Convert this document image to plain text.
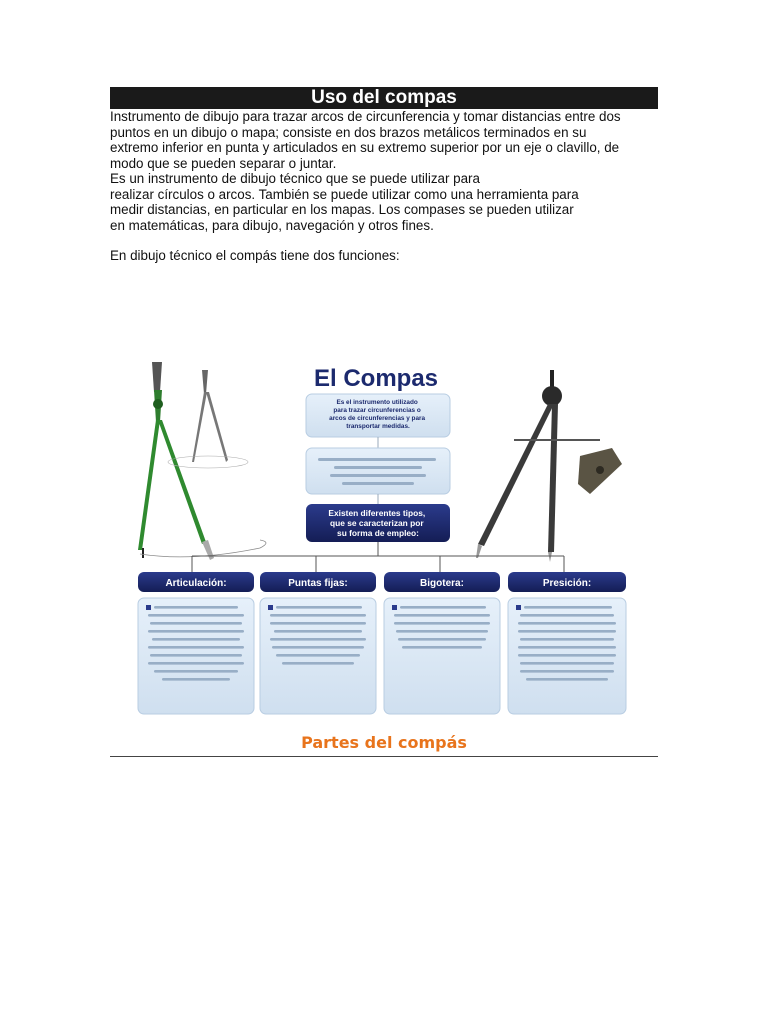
Uso del compas

Instrumento de dibujo para trazar arcos de circunferencia y tomar distancias entre dos
puntos en un dibujo o mapa; consiste en dos brazos metálicos terminados en su
extremo inferior en punta y articulados en su extremo superior por un eje o clavillo, de
modo que se pueden separar o juntar.

Es un instrumento de dibujo técnico que se puede utilizar para
realizar círculos o arcos. También se puede utilizar como una herramienta para
medir distancias, en particular en los mapas. Los compases se pueden utilizar
en matemáticas, para dibujo, navegación y otros fines.

En dibujo técnico el compás tiene dos funciones:

El Compas
Es el instrumento utilizado para trazar circunferencias o arcos de circunferencias y para transportar medidas.
Existen diferentes tipos, que se caracterizan por su forma de empleo:
Articulación:	Puntas fijas:	Bigotera:	Presición:
Partes del compás
